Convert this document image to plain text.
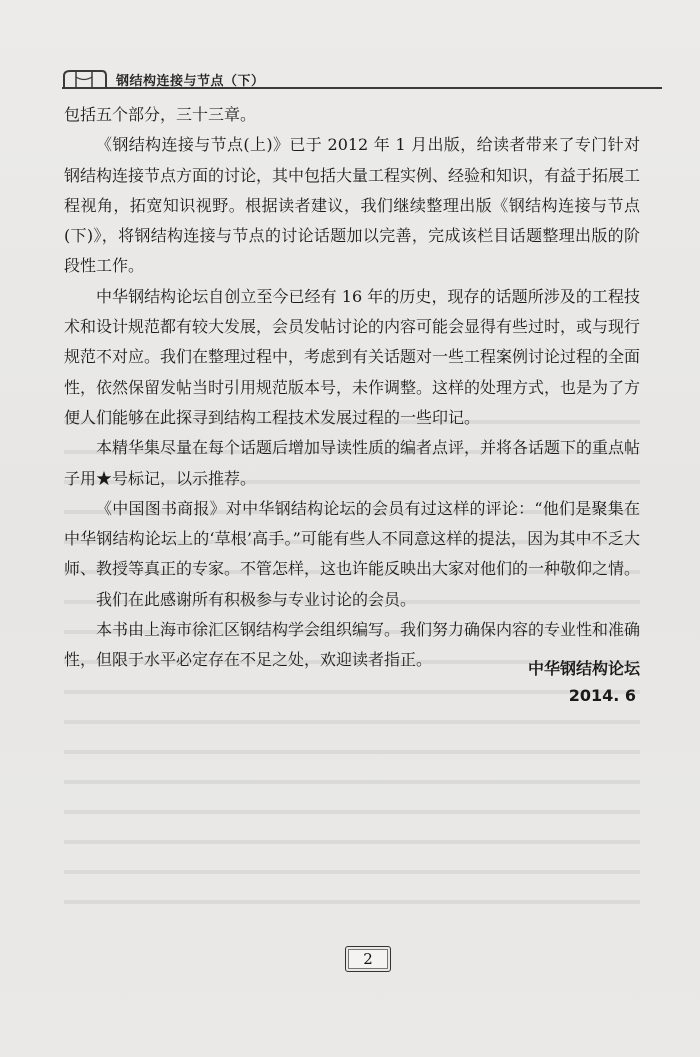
钢结构连接与节点（下）

包括五个部分，三十三章。

《钢结构连接与节点(上)》已于 2012 年 1 月出版，给读者带来了专门针对钢结构连接节点方面的讨论，其中包括大量工程实例、经验和知识，有益于拓展工程视角，拓宽知识视野。根据读者建议，我们继续整理出版《钢结构连接与节点(下)》，将钢结构连接与节点的讨论话题加以完善，完成该栏目话题整理出版的阶段性工作。

中华钢结构论坛自创立至今已经有 16 年的历史，现存的话题所涉及的工程技术和设计规范都有较大发展，会员发帖讨论的内容可能会显得有些过时，或与现行规范不对应。我们在整理过程中，考虑到有关话题对一些工程案例讨论过程的全面性，依然保留发帖当时引用规范版本号，未作调整。这样的处理方式，也是为了方便人们能够在此探寻到结构工程技术发展过程的一些印记。

本精华集尽量在每个话题后增加导读性质的编者点评，并将各话题下的重点帖子用★号标记，以示推荐。

《中国图书商报》对中华钢结构论坛的会员有过这样的评论：“他们是聚集在中华钢结构论坛上的‘草根’高手。”可能有些人不同意这样的提法，因为其中不乏大师、教授等真正的专家。不管怎样，这也许能反映出大家对他们的一种敬仰之情。

我们在此感谢所有积极参与专业讨论的会员。

本书由上海市徐汇区钢结构学会组织编写。我们努力确保内容的专业性和准确性，但限于水平必定存在不足之处，欢迎读者指正。	中华钢结构论坛
2014. 6
2
